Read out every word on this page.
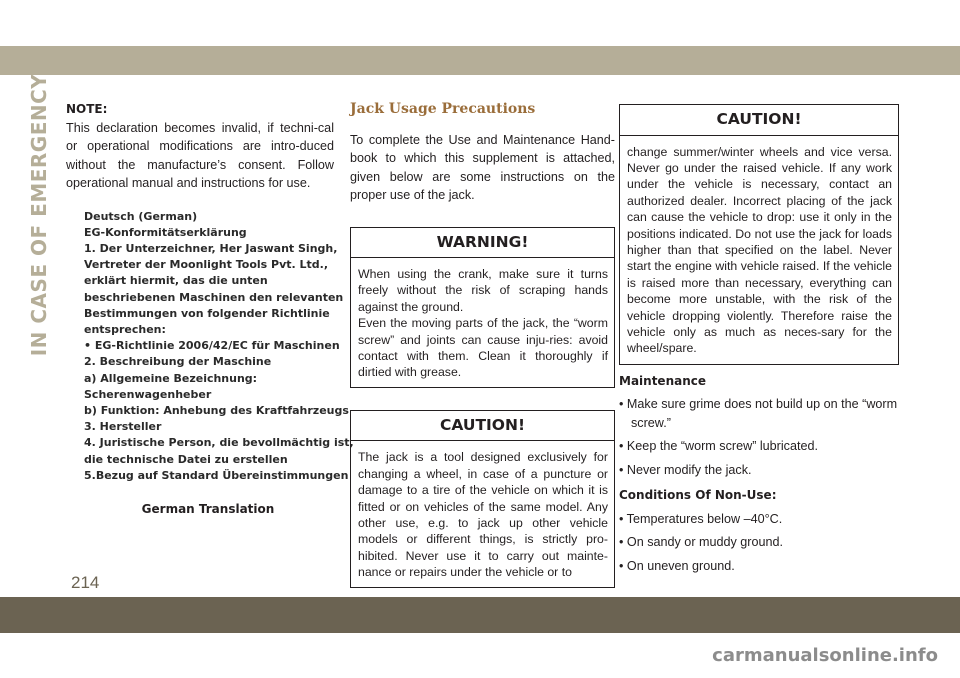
IN CASE OF EMERGENCY NOTE:

This declaration becomes invalid, if techni-cal or operational modifications are intro-duced without the manufacture’s consent. Follow operational manual and instructions for use.

Deutsch (German)
EG-Konformitätserklärung
1. Der Unterzeichner, Her Jaswant Singh,
Vertreter der Moonlight Tools Pvt. Ltd.,
erklärt hiermit, das die unten
beschriebenen Maschinen den relevanten
Bestimmungen von folgender Richtlinie
entsprechen:
• EG-Richtlinie 2006/42/EC für Maschinen
2. Beschreibung der Maschine
a) Allgemeine Bezeichnung:
Scherenwagenheber
b) Funktion: Anhebung des Kraftfahrzeugs
3. Hersteller
4. Juristische Person, die bevollmächtig ist,
die technische Datei zu erstellen
5.Bezug auf Standard Übereinstimmungen

German Translation

Jack Usage Precautions

To complete the Use and Maintenance Hand-book to which this supplement is attached, given below are some instructions on the proper use of the jack.

WARNING!

When using the crank, make sure it turns freely without the risk of scraping hands against the ground.

Even the moving parts of the jack, the “worm screw” and joints can cause inju-ries: avoid contact with them. Clean it thoroughly if dirtied with grease.

CAUTION!

The jack is a tool designed exclusively for changing a wheel, in case of a puncture or damage to a tire of the vehicle on which it is fitted or on vehicles of the same model. Any other use, e.g. to jack up other vehicle models or different things, is strictly pro-hibited. Never use it to carry out mainte-nance or repairs under the vehicle or to

CAUTION!

change summer/winter wheels and vice versa. Never go under the raised vehicle. If any work under the vehicle is necessary, contact an authorized dealer. Incorrect placing of the jack can cause the vehicle to drop: use it only in the positions indicated. Do not use the jack for loads higher than that specified on the label. Never start the engine with vehicle raised. If the vehicle is raised more than necessary, everything can become more unstable, with the risk of the vehicle dropping violently. Therefore raise the vehicle only as much as neces-sary for the wheel/spare.

Maintenance

• Make sure grime does not build up on the “worm screw.”

• Keep the “worm screw” lubricated.

• Never modify the jack.

Conditions Of Non-Use:

• Temperatures below –40°C.

• On sandy or muddy ground.

• On uneven ground.

214
carmanualsonline.info
